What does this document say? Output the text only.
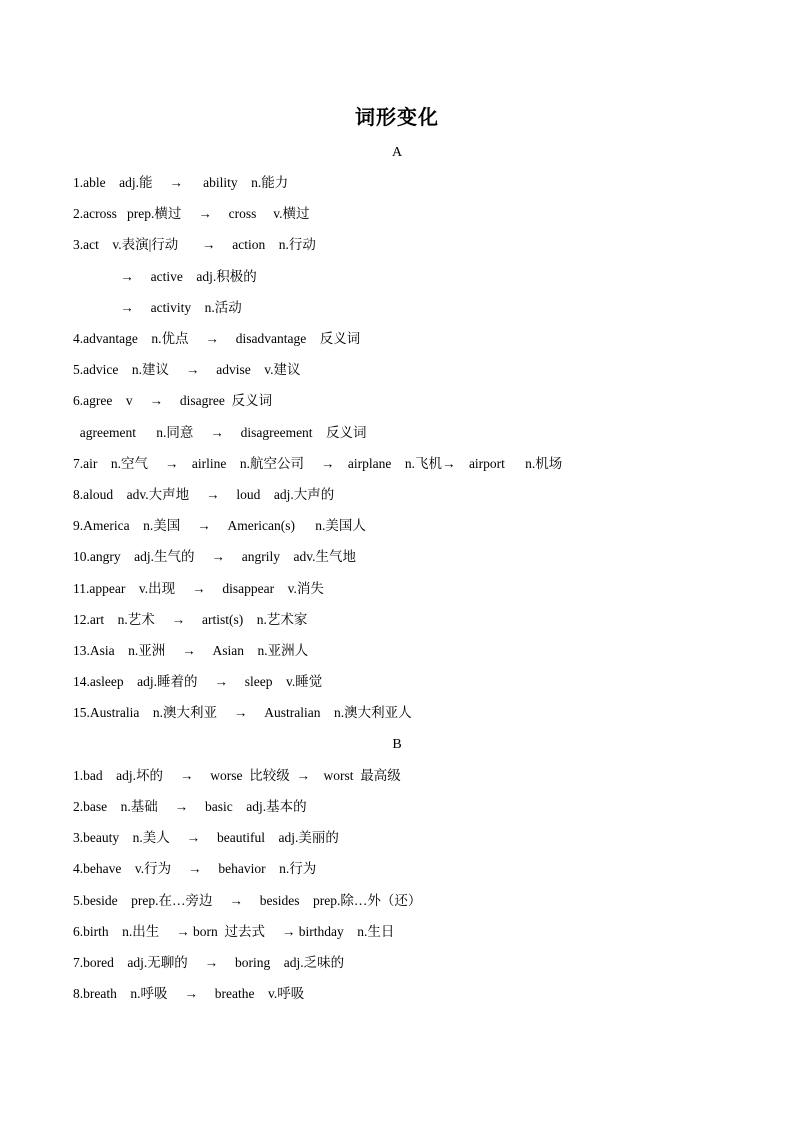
词形变化
A
1.able    adj.能     →      ability    n.能力
2.across   prep.横过     →     cross     v.横过
3.act    v.表演|行动       →     action    n.行动
→     active    adj.积极的
→     activity    n.活动
4.advantage    n.优点     →     disadvantage    反义词
5.advice    n.建议     →     advise    v.建议
6.agree    v     →     disagree  反义词
agreement      n.同意     →     disagreement    反义词
7.air    n.空气     →    airline    n.航空公司     →    airplane    n.飞机→    airport      n.机场
8.aloud    adv.大声地     →     loud    adj.大声的
9.America    n.美国     →     American(s)      n.美国人
10.angry    adj.生气的     →     angrily    adv.生气地
11.appear    v.出现     →     disappear    v.消失
12.art    n.艺术     →     artist(s)    n.艺术家
13.Asia    n.亚洲     →     Asian    n.亚洲人
14.asleep    adj.睡着的     →     sleep    v.睡觉
15.Australia    n.澳大利亚     →     Australian    n.澳大利亚人
B
1.bad    adj.坏的     →     worse  比较级  →    worst  最高级
2.base    n.基础     →     basic    adj.基本的
3.beauty    n.美人     →     beautiful    adj.美丽的
4.behave    v.行为     →     behavior    n.行为
5.beside    prep.在…旁边     →     besides    prep.除…外（还）
6.birth    n.出生     → born  过去式     → birthday    n.生日
7.bored    adj.无聊的     →     boring    adj.乏味的
8.breath    n.呼吸     →     breathe    v.呼吸
